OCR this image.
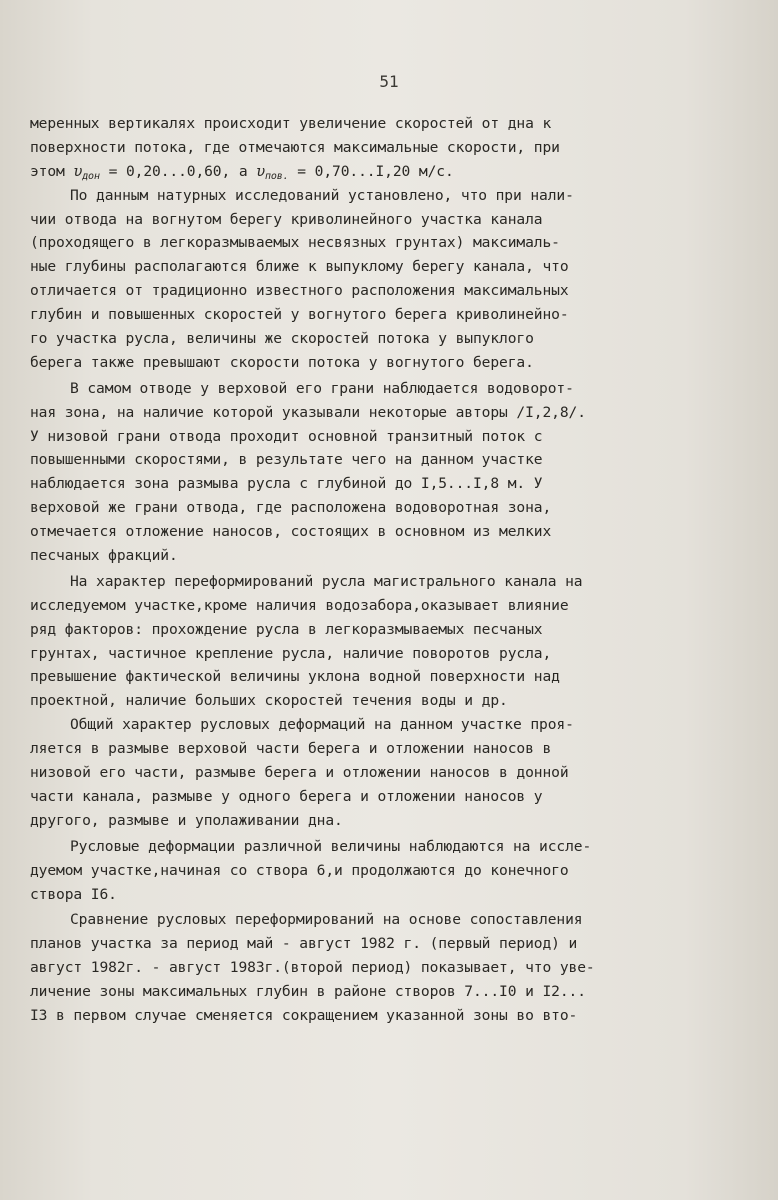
51
меренных вертикалях происходит увеличение скоростей от дна к
поверхности потока, где отмечаются максимальные скорости, при
этом $\upsilon_{дон} = 0,20...0,60$, а $\upsilon_{пов.} = 0,70...I,20$ м/с.
По данным натурных исследований установлено, что при нали-
чии отвода на вогнутом берегу криволинейного участка канала
(проходящего в легкоразмываемых несвязных грунтах) максималь-
ные глубины располагаются ближе к выпуклому берегу канала, что
отличается от традиционно известного расположения максимальных
глубин и повышенных скоростей у вогнутого берега криволинейно-
го участка русла, величины же скоростей потока у выпуклого
берега также превышают скорости потока у вогнутого берега.
В самом отводе у верховой его грани наблюдается водоворот-
ная зона, на наличие которой указывали некоторые авторы /I,2,8/.
У низовой грани отвода проходит основной транзитный поток с
повышенными скоростями, в результате чего на данном участке
наблюдается зона размыва русла с глубиной до I,5...I,8 м. У
верховой же грани отвода, где расположена водоворотная зона,
отмечается отложение наносов, состоящих в основном из мелких
песчаных фракций.
На характер переформирований русла магистрального канала на
исследуемом участке,кроме наличия водозабора,оказывает влияние
ряд факторов: прохождение русла в легкоразмываемых песчаных
грунтах, частичное крепление русла, наличие поворотов русла,
превышение фактической величины уклона водной поверхности над
проектной, наличие больших скоростей течения воды и др.
Общий характер русловых деформаций на данном участке проя-
ляется в размыве верховой части берега и отложении наносов в
низовой его части, размыве берега и отложении наносов в донной
части канала, размыве у одного берега и отложении наносов у
другого, размыве и уполаживании дна.
Русловые деформации различной величины наблюдаются на иссле-
дуемом участке,начиная со створа 6,и продолжаются до конечного
створа I6.
Сравнение русловых переформирований на основе сопоставления
планов участка за период май - август 1982 г. (первый период) и
август 1982г. - август 1983г.(второй период) показывает, что уве-
личение зоны максимальных глубин в районе створов 7...I0 и I2...
I3 в первом случае сменяется сокращением указанной зоны во вто-
